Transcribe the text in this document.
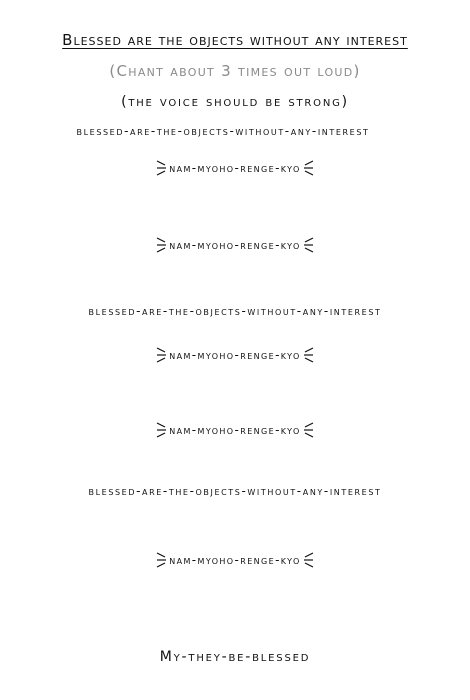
Blessed are the objects without any interest
(Chant about 3 times out loud)
(the voice should be strong)
blessed-are-the-objects-without-any-interest
nam-myoho-renge-kyo
nam-myoho-renge-kyo
blessed-are-the-objects-without-any-interest
nam-myoho-renge-kyo
nam-myoho-renge-kyo
blessed-are-the-objects-without-any-interest
nam-myoho-renge-kyo
My-they-be-blessed
